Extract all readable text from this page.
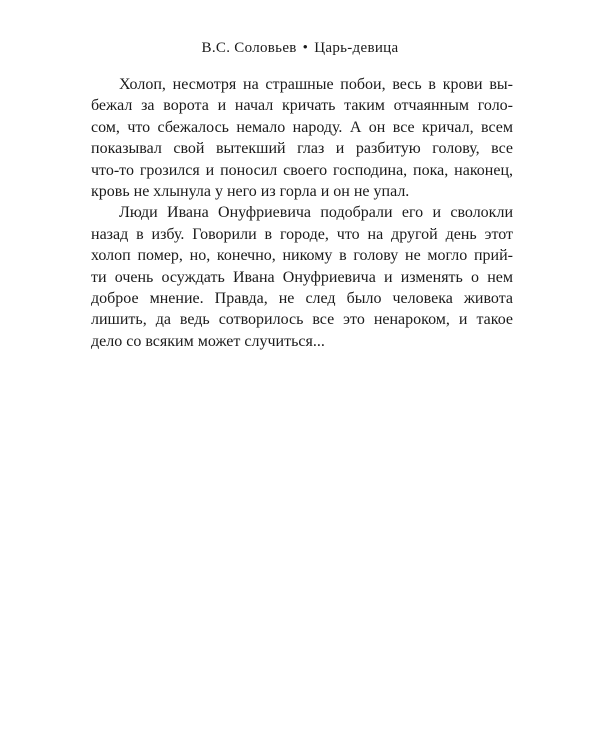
В.С. Соловьев • Царь-девица

Холоп, несмотря на страшные побои, весь в крови вы-
бежал за ворота и начал кричать таким отчаянным голо-
сом, что сбежалось немало народу. А он все кричал, всем
показывал свой вытекший глаз и разбитую голову, все
что-то грозился и поносил своего господина, пока, наконец,
кровь не хлынула у него из горла и он не упал.

Люди Ивана Онуфриевича подобрали его и сволокли
назад в избу. Говорили в городе, что на другой день этот
холоп помер, но, конечно, никому в голову не могло прий-
ти очень осуждать Ивана Онуфриевича и изменять о нем
доброе мнение. Правда, не след было человека живота
лишить, да ведь сотворилось все это ненароком, и такое
дело со всяким может случиться...
